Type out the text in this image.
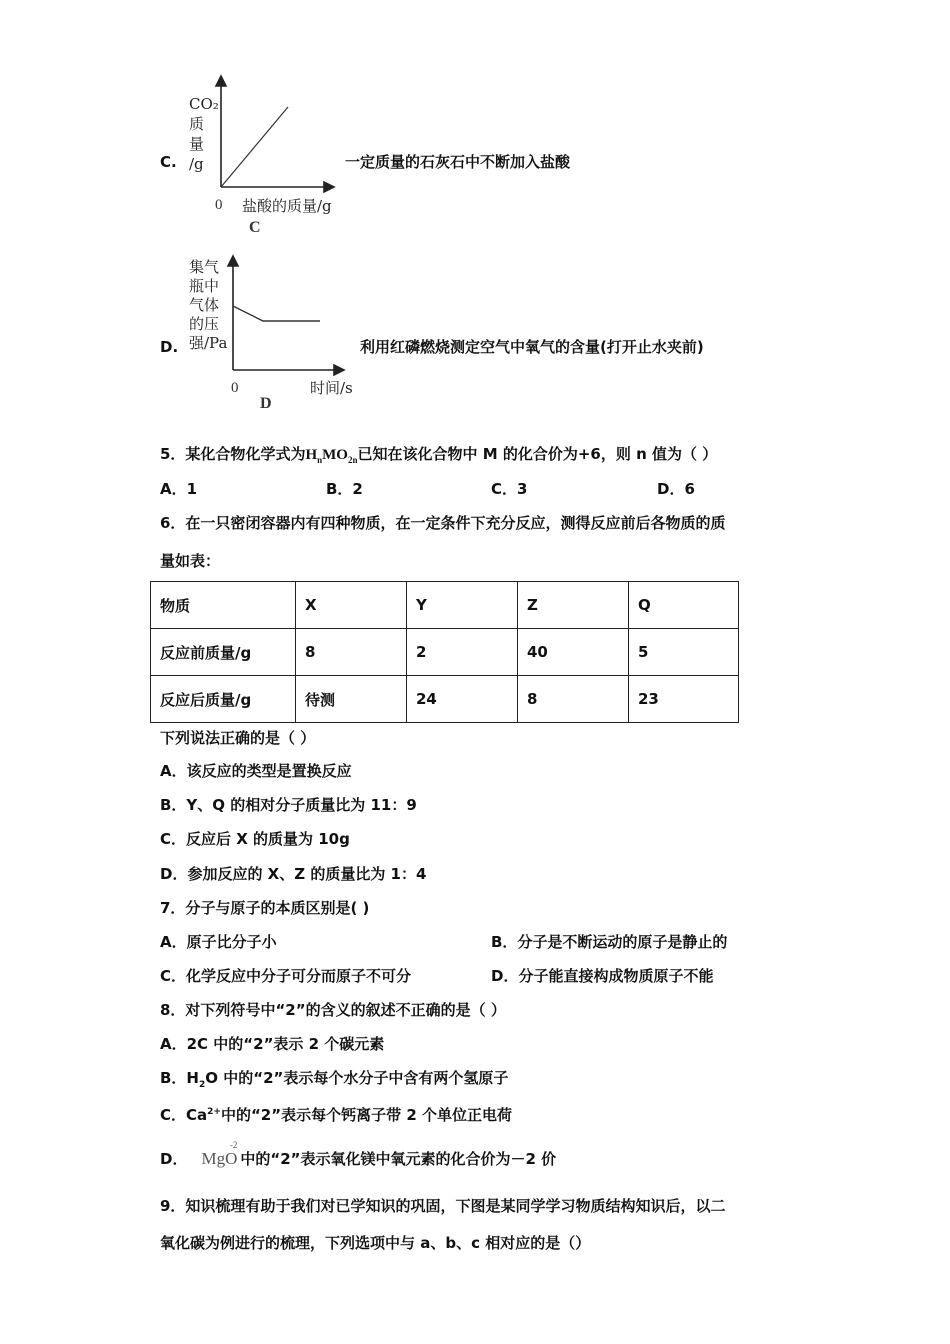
C.
CO₂
质
量
/g
0 盐酸的质量/g
C
一定质量的石灰石中不断加入盐酸
D.
集气
瓶中
气体
的压
强/Pa
0	时间/s
D
利用红磷燃烧测定空气中氧气的含量(打开止水夹前)
5．某化合物化学式为$H_nMO_{2n}$已知在该化合物中 M 的化合价为+6，则 n 值为（ ）
A．1	B．2	C．3	D．6
6．在一只密闭容器内有四种物质，在一定条件下充分反应，测得反应前后各物质的质
量如表：
物质	X	Y	Z	Q
反应前质量/g	8	2	40	5
反应后质量/g	待测	24	8	23
下列说法正确的是（ ）
A．该反应的类型是置换反应
B．Y、Q 的相对分子质量比为 11：9
C．反应后 X 的质量为 10g
D．参加反应的 X、Z 的质量比为 1：4
7．分子与原子的本质区别是( )
A．原子比分子小	B．分子是不断运动的原子是静止的
C．化学反应中分子可分而原子不可分	D．分子能直接构成物质原子不能
8．对下列符号中“2”的含义的叙述不正确的是（ ）
A．2C 中的“2”表示 2 个碳元素
B．$H_2O$ 中的“2”表示每个水分子中含有两个氢原子
C．$Ca^{2+}$中的“2”表示每个钙离子带 2 个单位正电荷
D． MgO
-2
中的“2”表示氧化镁中氧元素的化合价为－2 价
9．知识梳理有助于我们对已学知识的巩固，下图是某同学学习物质结构知识后，以二
氧化碳为例进行的梳理，下列选项中与 a、b、c 相对应的是（）
